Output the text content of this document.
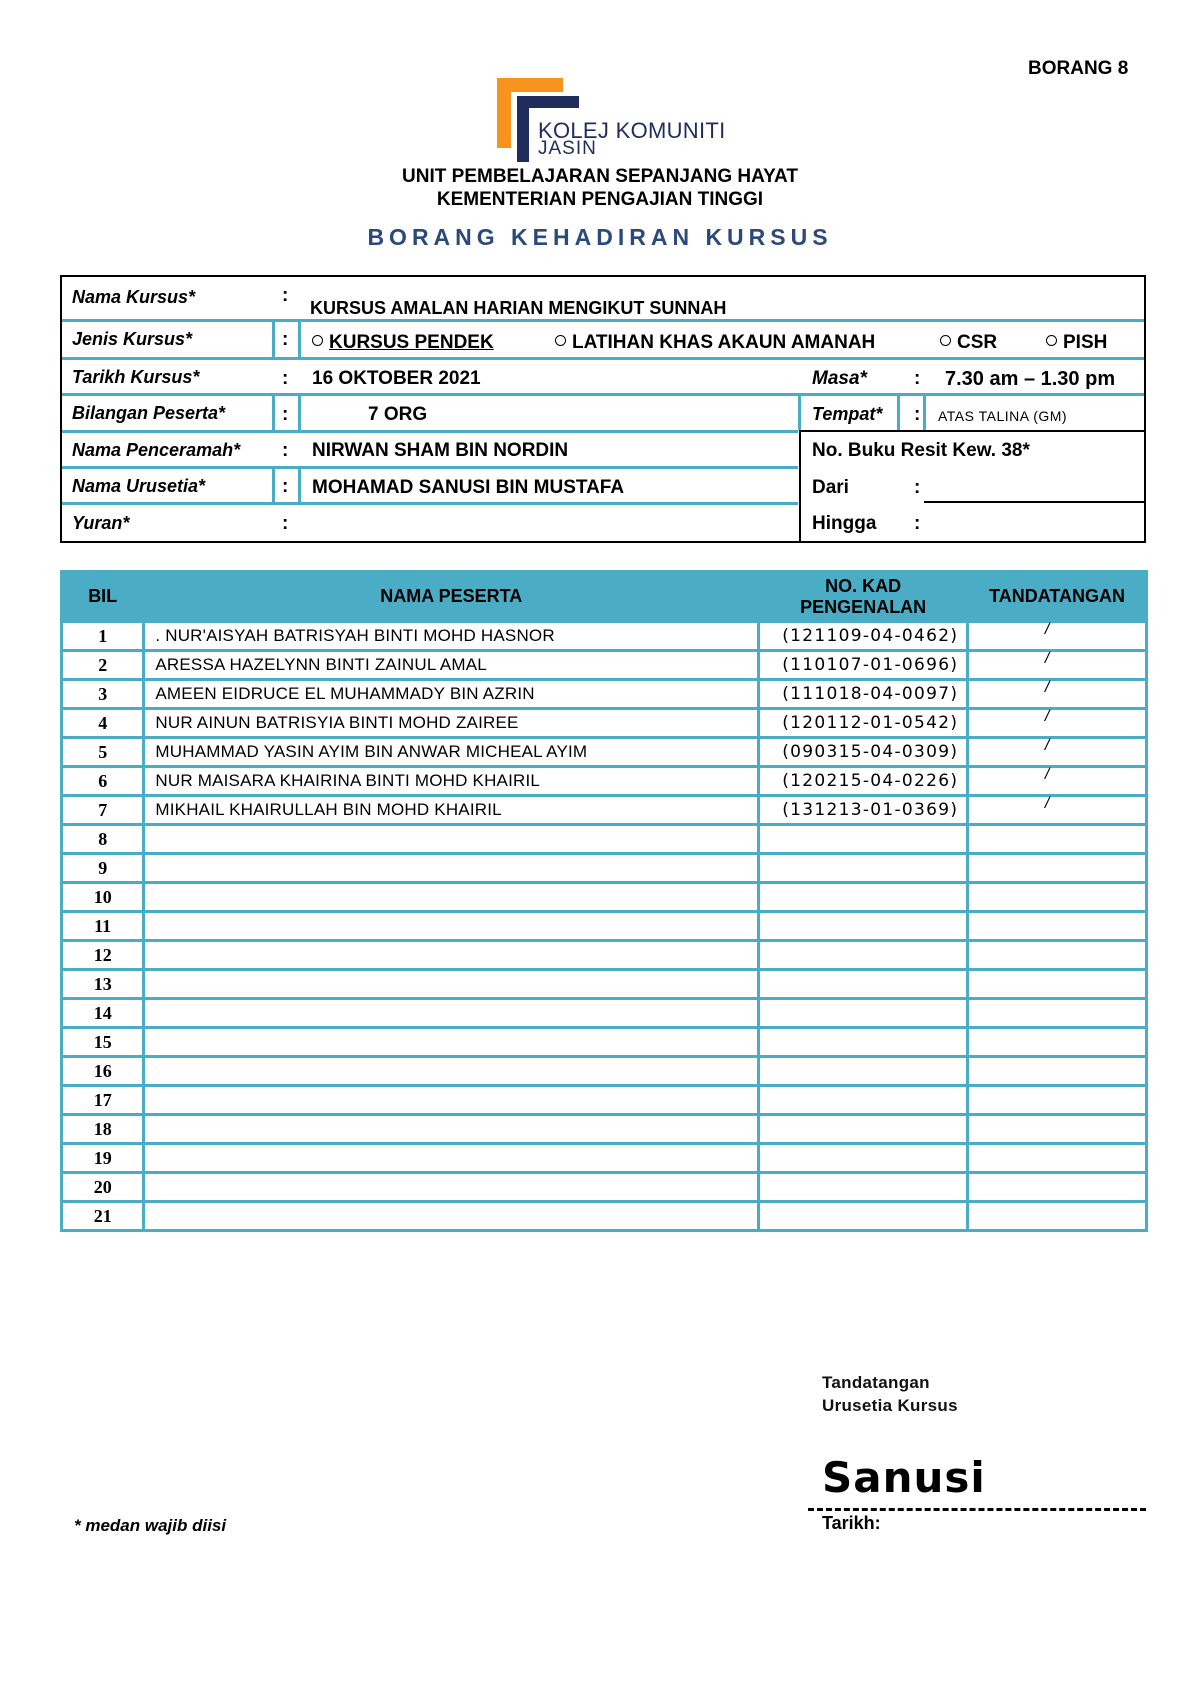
BORANG 8
KOLEJ KOMUNITI
JASIN
UNIT PEMBELAJARAN SEPANJANG HAYAT
KEMENTERIAN PENGAJIAN TINGGI
BORANG KEHADIRAN KURSUS
Nama Kursus*	:
KURSUS AMALAN HARIAN MENGIKUT SUNNAH
Jenis Kursus*	:	KURSUS PENDEK	LATIHAN KHAS AKAUN AMANAH	CSR	PISH
Tarikh Kursus*	: 16 OKTOBER 2021	Masa* : 7.30 am – 1.30 pm
Bilangan Peserta*	:	7 ORG	Tempat* : ATAS TALINA (GM)
Nama Penceramah* : NIRWAN SHAM BIN NORDIN	No. Buku Resit Kew. 38*
Nama Urusetia*	: MOHAMAD SANUSI BIN MUSTAFA	Dari	:
Yuran*	:	Hingga :
BIL	NAMA PESERTA	NO. KAD PENGENALAN	TANDATANGAN
1	. NUR'AISYAH BATRISYAH BINTI MOHD HASNOR	(121109-04-0462)	/
2	ARESSA HAZELYNN BINTI ZAINUL AMAL	(110107-01-0696)	/
3	AMEEN EIDRUCE EL MUHAMMADY BIN AZRIN	(111018-04-0097)	/
4	NUR AINUN BATRISYIA BINTI MOHD ZAIREE	(120112-01-0542)	/
5	MUHAMMAD YASIN AYIM BIN ANWAR MICHEAL AYIM	(090315-04-0309)	/
6	NUR MAISARA KHAIRINA BINTI MOHD KHAIRIL	(120215-04-0226)	/
7	MIKHAIL KHAIRULLAH BIN MOHD KHAIRIL	(131213-01-0369)	/
8			
9			
10			
11			
12			
13			
14			
15			
16			
17			
18			
19			
20			
21			
Tandatangan
Urusetia Kursus
Sanusi
Tarikh:
* medan wajib diisi
